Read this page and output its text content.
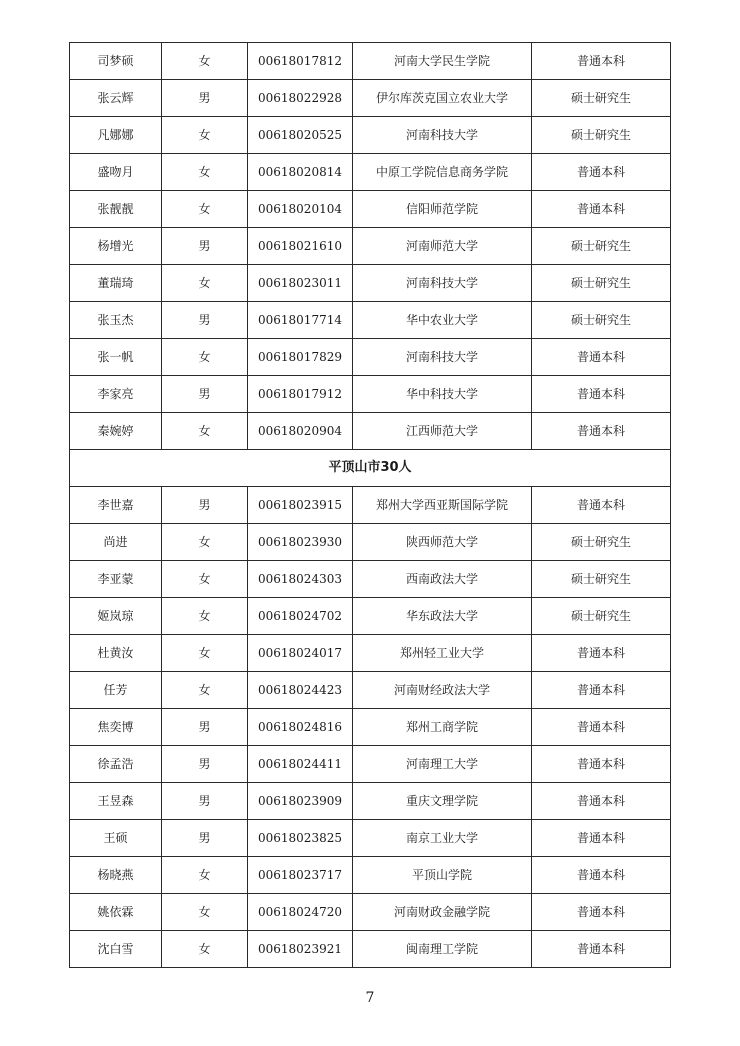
司梦硕	女	00618017812	河南大学民生学院	普通本科
张云辉	男	00618022928	伊尔库茨克国立农业大学	硕士研究生
凡娜娜	女	00618020525	河南科技大学	硕士研究生
盛吻月	女	00618020814	中原工学院信息商务学院	普通本科
张靓靓	女	00618020104	信阳师范学院	普通本科
杨增光	男	00618021610	河南师范大学	硕士研究生
董瑞琦	女	00618023011	河南科技大学	硕士研究生
张玉杰	男	00618017714	华中农业大学	硕士研究生
张一帆	女	00618017829	河南科技大学	普通本科
李家亮	男	00618017912	华中科技大学	普通本科
秦婉婷	女	00618020904	江西师范大学	普通本科
平顶山市30人				
李世嘉	男	00618023915	郑州大学西亚斯国际学院	普通本科
尚进	女	00618023930	陕西师范大学	硕士研究生
李亚蒙	女	00618024303	西南政法大学	硕士研究生
姬岚琼	女	00618024702	华东政法大学	硕士研究生
杜黄汝	女	00618024017	郑州轻工业大学	普通本科
任芳	女	00618024423	河南财经政法大学	普通本科
焦奕博	男	00618024816	郑州工商学院	普通本科
徐孟浩	男	00618024411	河南理工大学	普通本科
王昱森	男	00618023909	重庆文理学院	普通本科
王硕	男	00618023825	南京工业大学	普通本科
杨晓燕	女	00618023717	平顶山学院	普通本科
姚依霖	女	00618024720	河南财政金融学院	普通本科
沈白雪	女	00618023921	闽南理工学院	普通本科
7
